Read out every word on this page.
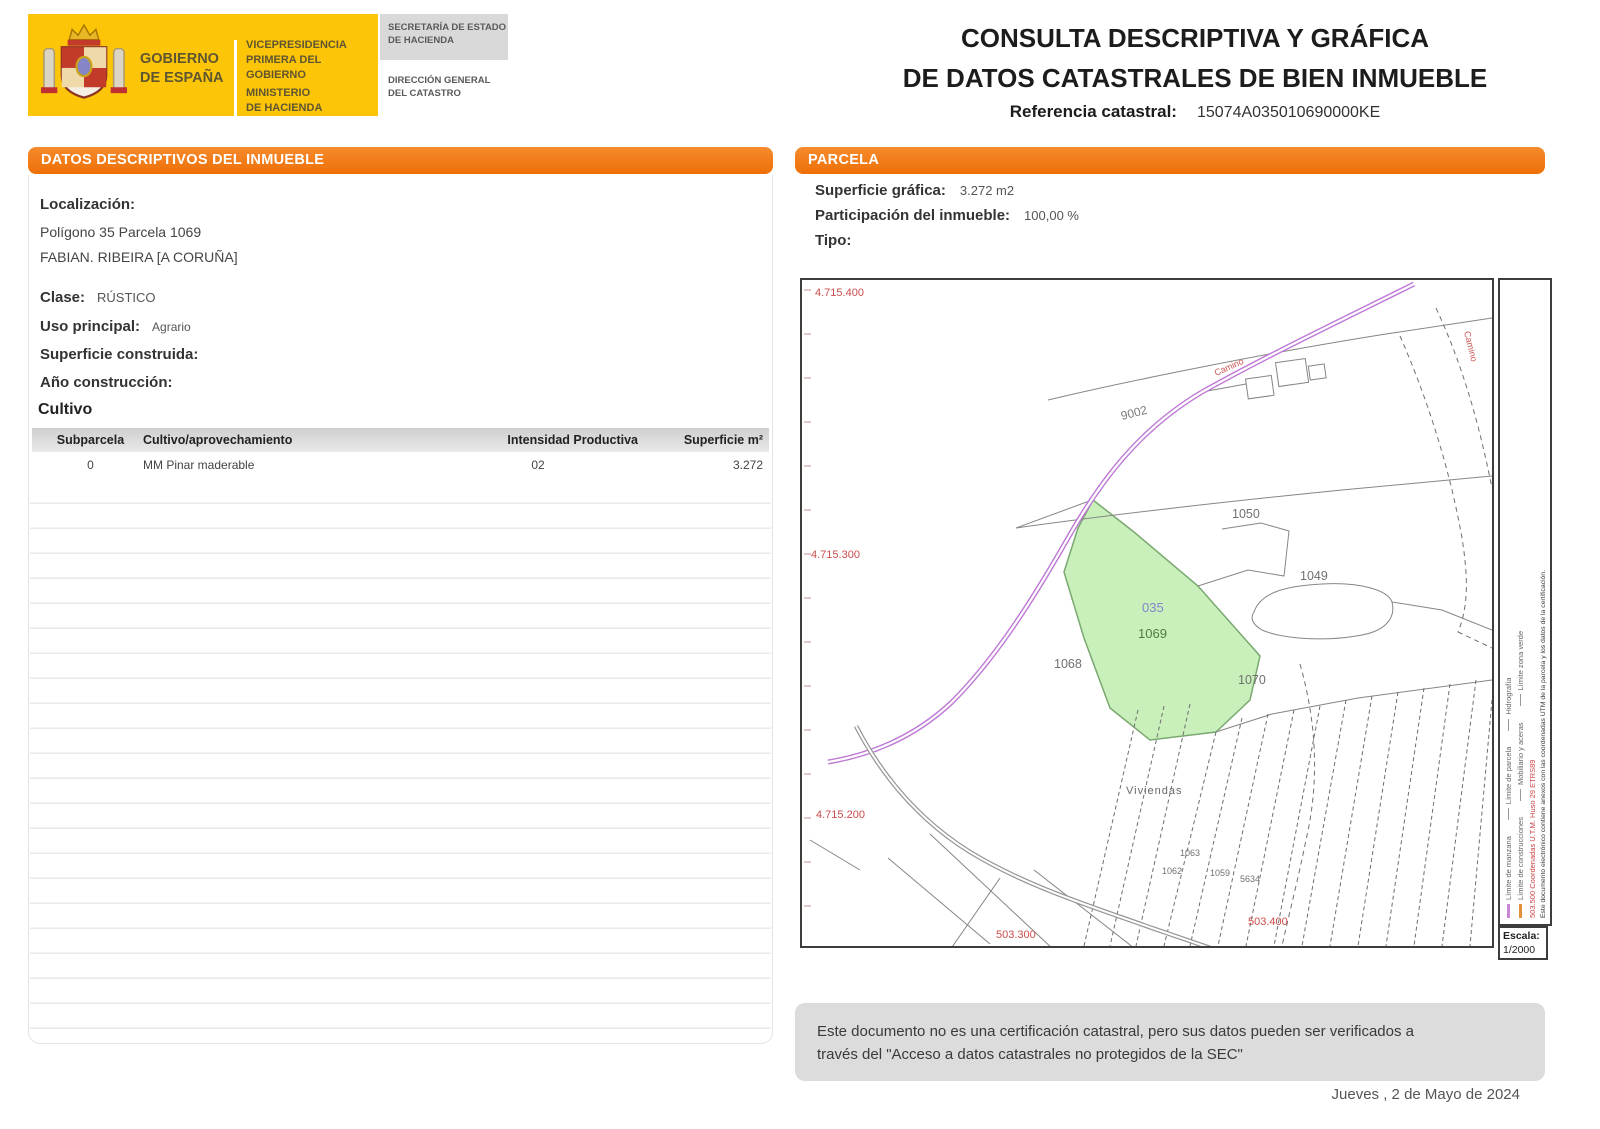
GOBIERNO
DE ESPAÑA
VICEPRESIDENCIA
PRIMERA DEL GOBIERNO
MINISTERIO
DE HACIENDA
SECRETARÍA DE ESTADO
DE HACIENDA
DIRECCIÓN GENERAL
DEL CATASTRO
CONSULTA DESCRIPTIVA Y GRÁFICA
DE DATOS CATASTRALES DE BIEN INMUEBLE
Referencia catastral: 15074A035010690000KE
DATOS DESCRIPTIVOS DEL INMUEBLE	PARCELA
Localización:
Polígono 35 Parcela 1069
FABIAN. RIBEIRA [A CORUÑA]
Clase: RÚSTICO
Uso principal: Agrario
Superficie construida:
Año construcción:
Cultivo
Subparcela	Cultivo/aprovechamiento	Intensidad Productiva	Superficie m²
0	MM Pinar maderable	02	3.272
Superficie gráfica: 3.272 m2
Participación del inmueble: 100,00 %
Tipo:
4.715.400
4.715.300
4.715.200
503.300
503.400
9002
1050
1049
1068
1070
Viviendas
1063
1062	1059
5634
035
1069
Camino
Camino
Límite de manzana
Límite de parcela
Hidrografía
Límite de construcciones
Mobiliario y aceras
Límite zona verde
503.500 Coordenadas U.T.M. Huso 29 ETRS89 Este documento electrónico contiene anexos con las coordenadas UTM de la parcela y los datos de la certificación.
Escala:
1/2000
Este documento no es una certificación catastral, pero sus datos pueden ser verificados a
través del "Acceso a datos catastrales no protegidos de la SEC"
Jueves , 2 de Mayo de 2024
